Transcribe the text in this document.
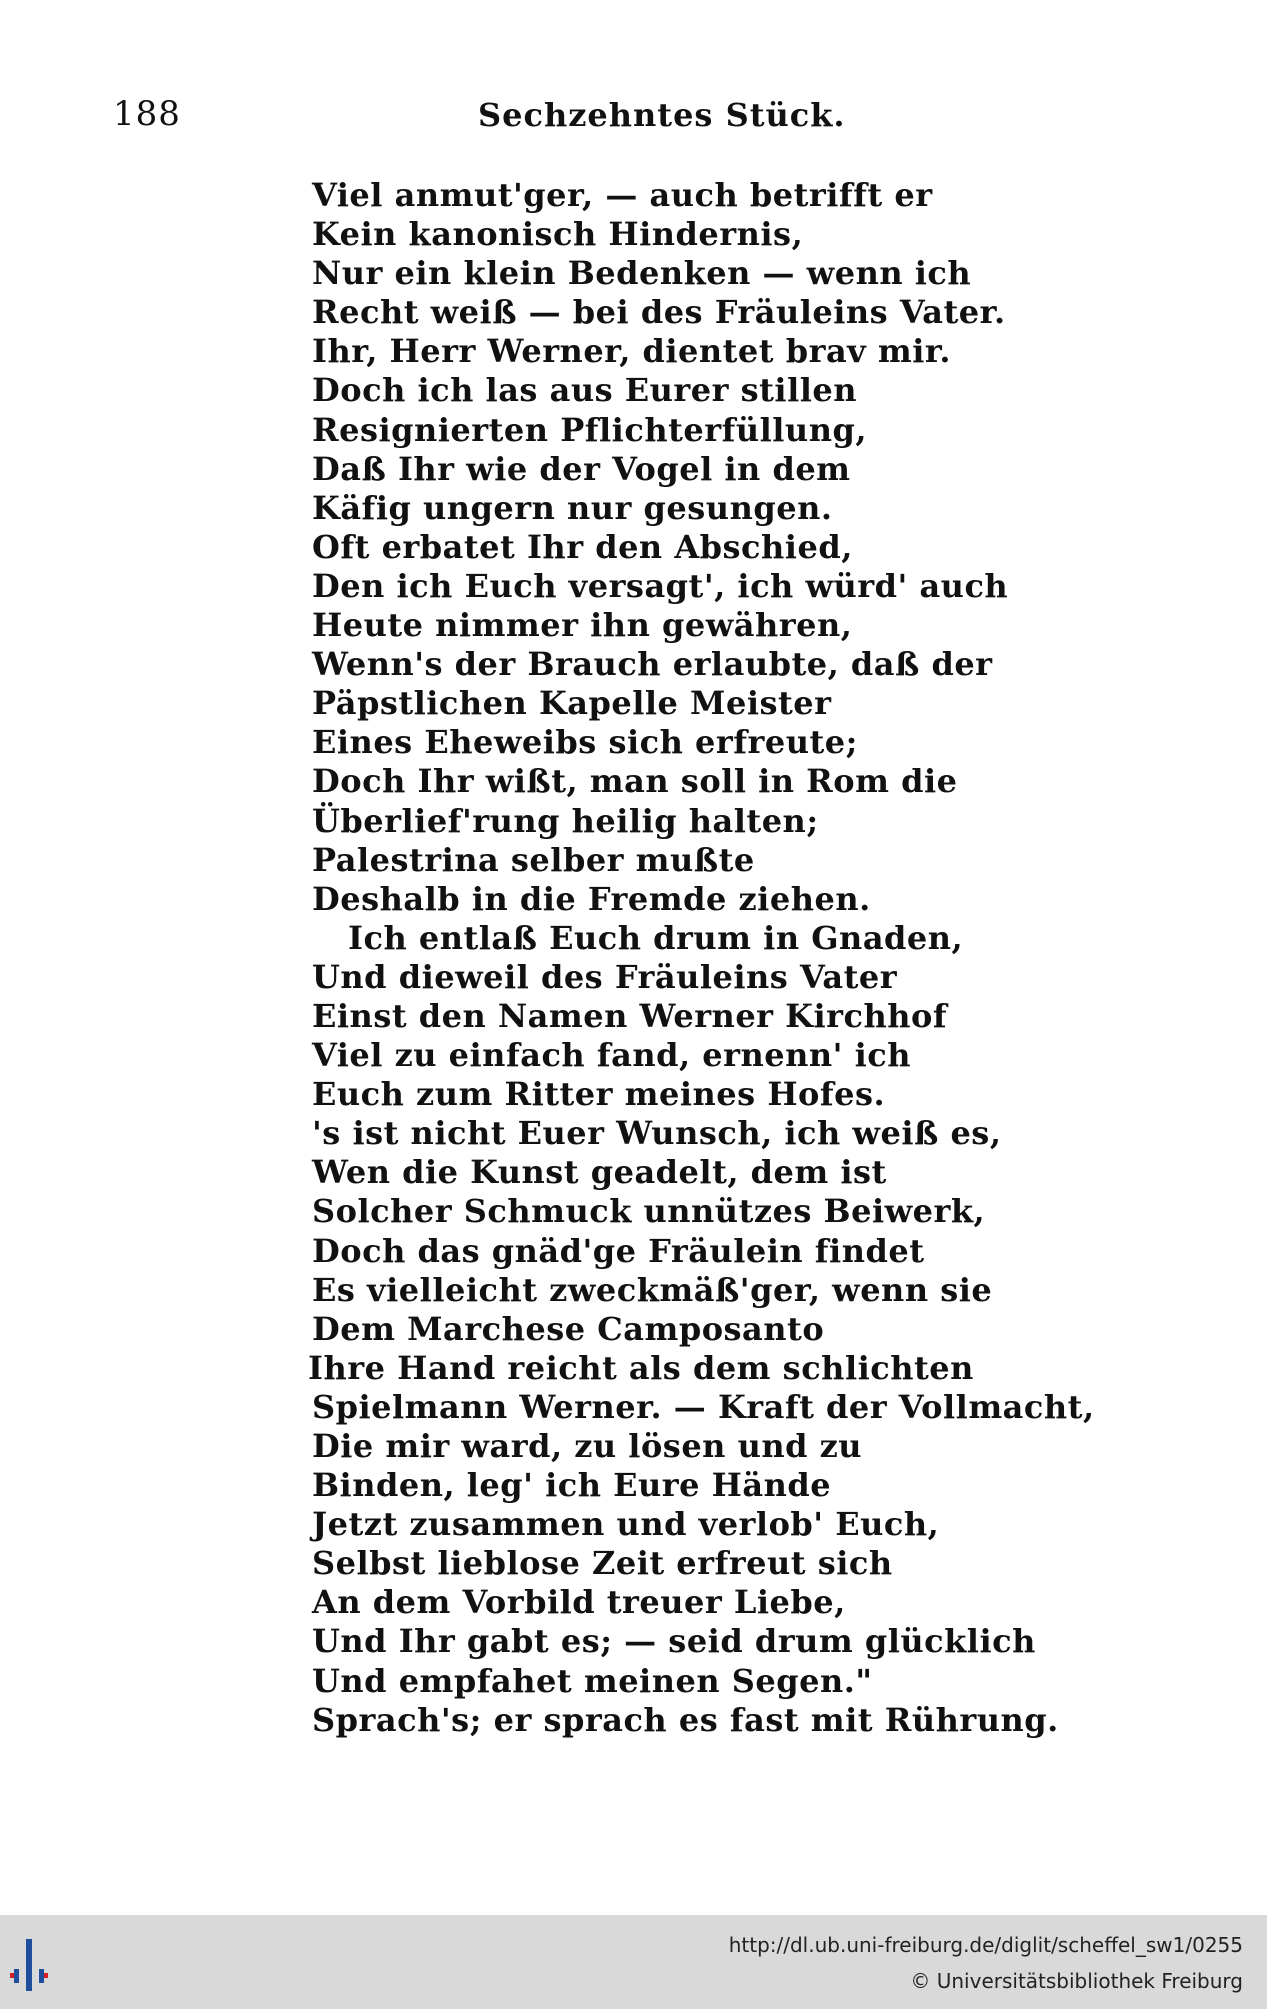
188	Sechzehntes Stück.
Viel anmut'ger, — auch betrifft er
Kein kanonisch Hindernis,
Nur ein klein Bedenken — wenn ich
Recht weiß — bei des Fräuleins Vater.
Ihr, Herr Werner, dientet brav mir.
Doch ich las aus Eurer stillen
Resignierten Pflichterfüllung,
Daß Ihr wie der Vogel in dem
Käfig ungern nur gesungen.
Oft erbatet Ihr den Abschied,
Den ich Euch versagt', ich würd' auch
Heute nimmer ihn gewähren,
Wenn's der Brauch erlaubte, daß der
Päpstlichen Kapelle Meister
Eines Eheweibs sich erfreute;
Doch Ihr wißt, man soll in Rom die
Überlief'rung heilig halten;
Palestrina selber mußte
Deshalb in die Fremde ziehen.
Ich entlaß Euch drum in Gnaden,
Und dieweil des Fräuleins Vater
Einst den Namen Werner Kirchhof
Viel zu einfach fand, ernenn' ich
Euch zum Ritter meines Hofes.
's ist nicht Euer Wunsch, ich weiß es,
Wen die Kunst geadelt, dem ist
Solcher Schmuck unnützes Beiwerk,
Doch das gnäd'ge Fräulein findet
Es vielleicht zweckmäß'ger, wenn sie
Dem Marchese Camposanto
Ihre Hand reicht als dem schlichten
Spielmann Werner. — Kraft der Vollmacht,
Die mir ward, zu lösen und zu
Binden, leg' ich Eure Hände
Jetzt zusammen und verlob' Euch,
Selbst lieblose Zeit erfreut sich
An dem Vorbild treuer Liebe,
Und Ihr gabt es; — seid drum glücklich
Und empfahet meinen Segen."
Sprach's; er sprach es fast mit Rührung.
http://dl.ub.uni-freiburg.de/diglit/scheffel_sw1/0255
© Universitätsbibliothek Freiburg
